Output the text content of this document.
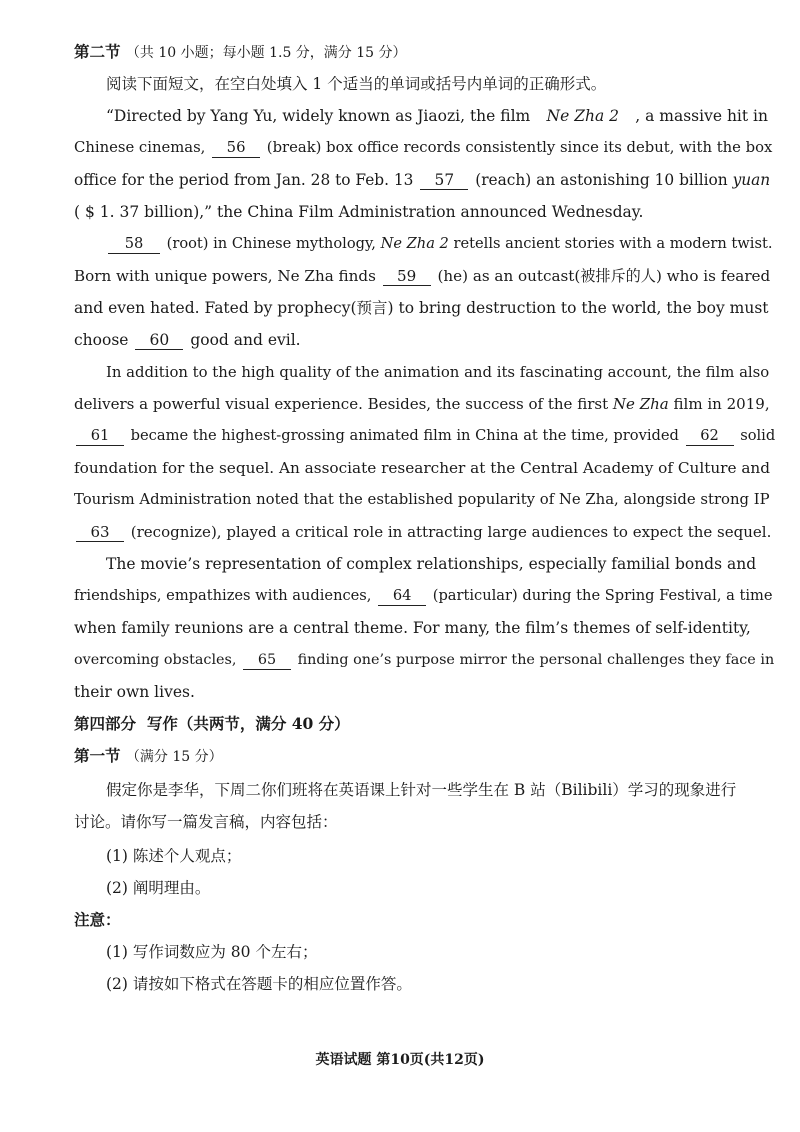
第二节 （共 10 小题；每小题 1.5 分，满分 15 分）
阅读下面短文，在空白处填入 1 个适当的单词或括号内单词的正确形式。
“Directed by Yang Yu, widely known as Jiaozi, the film Ne Zha 2 , a massive hit in
Chinese cinemas, 56 (break) box office records consistently since its debut, with the box
office for the period from Jan. 28 to Feb. 13 57 (reach) an astonishing 10 billion yuan
( $ 1. 37 billion),” the China Film Administration announced Wednesday.
58 (root) in Chinese mythology, Ne Zha 2 retells ancient stories with a modern twist.
Born with unique powers, Ne Zha finds 59 (he) as an outcast(被排斥的人) who is feared
and even hated. Fated by prophecy(预言) to bring destruction to the world, the boy must
choose 60 good and evil.
In addition to the high quality of the animation and its fascinating account, the film also
delivers a powerful visual experience. Besides, the success of the first Ne Zha film in 2019,
61 became the highest-grossing animated film in China at the time, provided 62 solid
foundation for the sequel. An associate researcher at the Central Academy of Culture and
Tourism Administration noted that the established popularity of Ne Zha, alongside strong IP
63 (recognize), played a critical role in attracting large audiences to expect the sequel.
The movie’s representation of complex relationships, especially familial bonds and
friendships, empathizes with audiences, 64 (particular) during the Spring Festival, a time
when family reunions are a central theme. For many, the film’s themes of self-identity,
overcoming obstacles, 65 finding one’s purpose mirror the personal challenges they face in
their own lives.
第四部分 写作（共两节，满分 40 分）
第一节 （满分 15 分）
假定你是李华，下周二你们班将在英语课上针对一些学生在 B 站（Bilibili）学习的现象进行
讨论。请你写一篇发言稿，内容包括：
(1) 陈述个人观点；
(2) 阐明理由。
注意：
(1) 写作词数应为 80 个左右；
(2) 请按如下格式在答题卡的相应位置作答。
英语试题 第10页(共12页)
